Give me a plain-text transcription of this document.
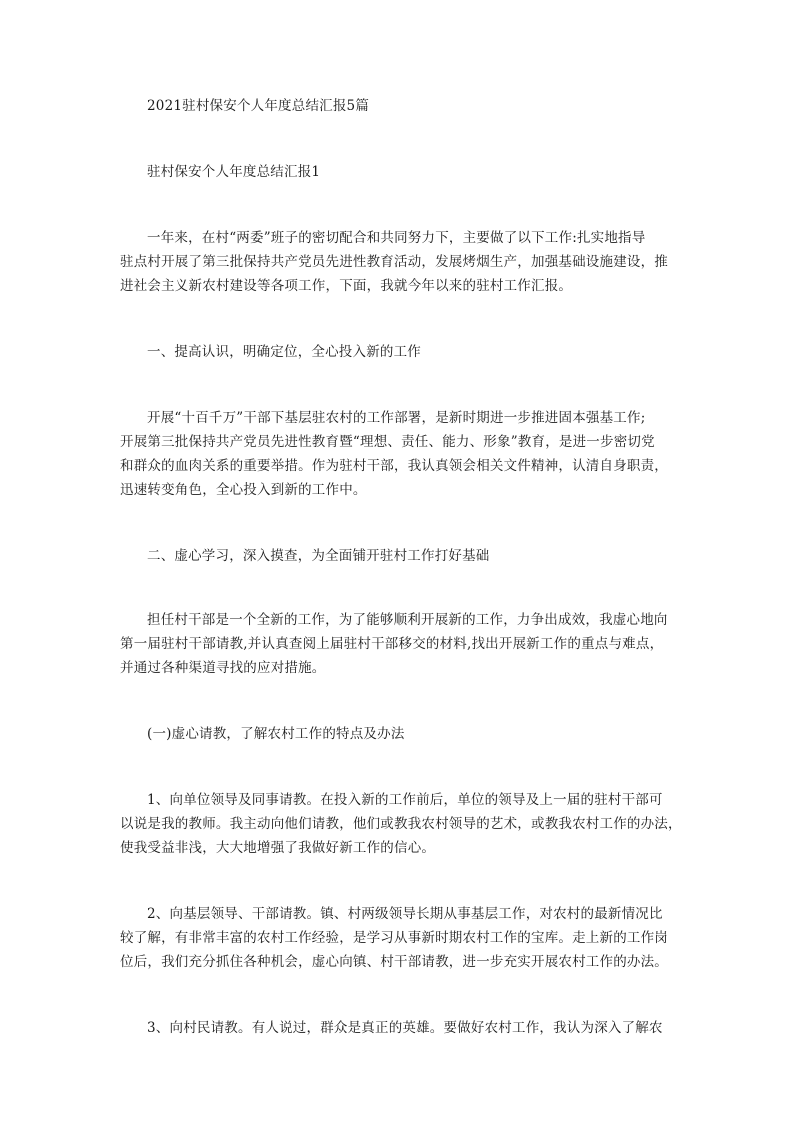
2021驻村保安个人年度总结汇报5篇
驻村保安个人年度总结汇报1
一年来，在村“两委”班子的密切配合和共同努力下，主要做了以下工作:扎实地指导
驻点村开展了第三批保持共产党员先进性教育活动，发展烤烟生产，加强基础设施建设，推
进社会主义新农村建设等各项工作，下面，我就今年以来的驻村工作汇报。
一、提高认识，明确定位，全心投入新的工作
开展“十百千万”干部下基层驻农村的工作部署，是新时期进一步推进固本强基工作;
开展第三批保持共产党员先进性教育暨“理想、责任、能力、形象”教育，是进一步密切党
和群众的血肉关系的重要举措。作为驻村干部，我认真领会相关文件精神，认清自身职责，
迅速转变角色，全心投入到新的工作中。
二、虚心学习，深入摸查，为全面铺开驻村工作打好基础
担任村干部是一个全新的工作，为了能够顺利开展新的工作，力争出成效，我虚心地向
第一届驻村干部请教,并认真查阅上届驻村干部移交的材料,找出开展新工作的重点与难点，
并通过各种渠道寻找的应对措施。
(一)虚心请教，了解农村工作的特点及办法
1、向单位领导及同事请教。在投入新的工作前后，单位的领导及上一届的驻村干部可
以说是我的教师。我主动向他们请教，他们或教我农村领导的艺术，或教我农村工作的办法，
使我受益非浅，大大地增强了我做好新工作的信心。
2、向基层领导、干部请教。镇、村两级领导长期从事基层工作，对农村的最新情况比
较了解，有非常丰富的农村工作经验，是学习从事新时期农村工作的宝库。走上新的工作岗
位后，我们充分抓住各种机会，虚心向镇、村干部请教，进一步充实开展农村工作的办法。
3、向村民请教。有人说过，群众是真正的英雄。要做好农村工作，我认为深入了解农
